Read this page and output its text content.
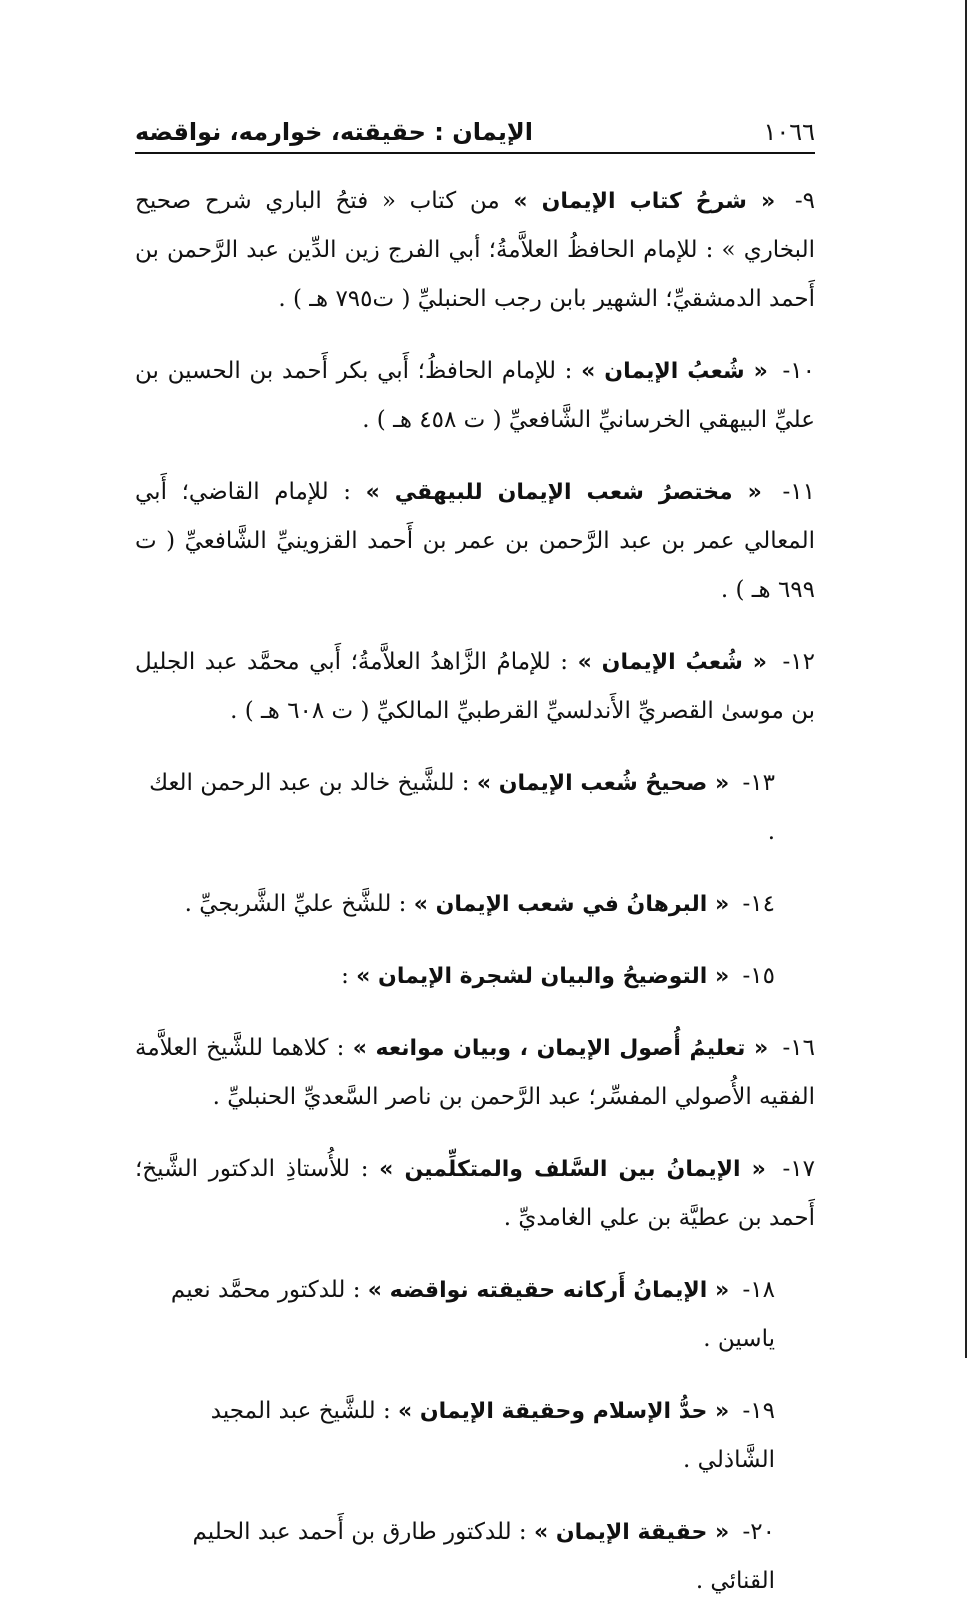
١٠٦٦
الإيمان : حقيقته، خوارمه، نواقضه

٩- « شرحُ كتاب الإيمان » من كتاب « فتحُ الباري شرح صحيح البخاري » : للإمام الحافظُ العلاَّمةُ؛ أبي الفرج زين الدِّين عبد الرَّحمن بن أَحمد الدمشقيِّ؛ الشهير بابن رجب الحنبليِّ ( ت٧٩٥ هـ ) .

١٠- « شُعبُ الإيمان » : للإمام الحافظُ؛ أَبي بكر أَحمد بن الحسين بن عليِّ البيهقي الخرسانيِّ الشَّافعيِّ ( ت ٤٥٨ هـ ) .

١١- « مختصرُ شعب الإيمان للبيهقي » : للإمام القاضي؛ أَبي المعالي عمر بن عبد الرَّحمن بن عمر بن أَحمد القزوينيِّ الشَّافعيِّ ( ت ٦٩٩ هـ ) .

١٢- « شُعبُ الإيمان » : للإمامُ الزَّاهدُ العلاَّمةُ؛ أَبي محمَّد عبد الجليل بن موسىٰ القصريِّ الأَندلسيِّ القرطبيِّ المالكيِّ ( ت ٦٠٨ هـ ) .

١٣- « صحيحُ شُعب الإيمان » : للشَّيخ خالد بن عبد الرحمن العك .

١٤- « البرهانُ في شعب الإيمان » : للشَّخ عليِّ الشَّربجيِّ .

١٥- « التوضيحُ والبيان لشجرة الإيمان » :

١٦- « تعليمُ أُصول الإيمان ، وبيان موانعه » : كلاهما للشَّيخ العلاَّمة الفقيه الأُصولي المفسِّر؛ عبد الرَّحمن بن ناصر السَّعديِّ الحنبليِّ .

١٧- « الإيمانُ بين السَّلف والمتكلِّمين » : للأُستاذِ الدكتور الشَّيخ؛ أَحمد بن عطيَّة بن علي الغامديِّ .

١٨- « الإيمانُ أَركانه حقيقته نواقضه » : للدكتور محمَّد نعيم ياسين .

١٩- « حدُّ الإسلام وحقيقة الإيمان » : للشَّيخ عبد المجيد الشَّاذلي .

٢٠- « حقيقة الإيمان » : للدكتور طارق بن أَحمد عبد الحليم القنائي .
